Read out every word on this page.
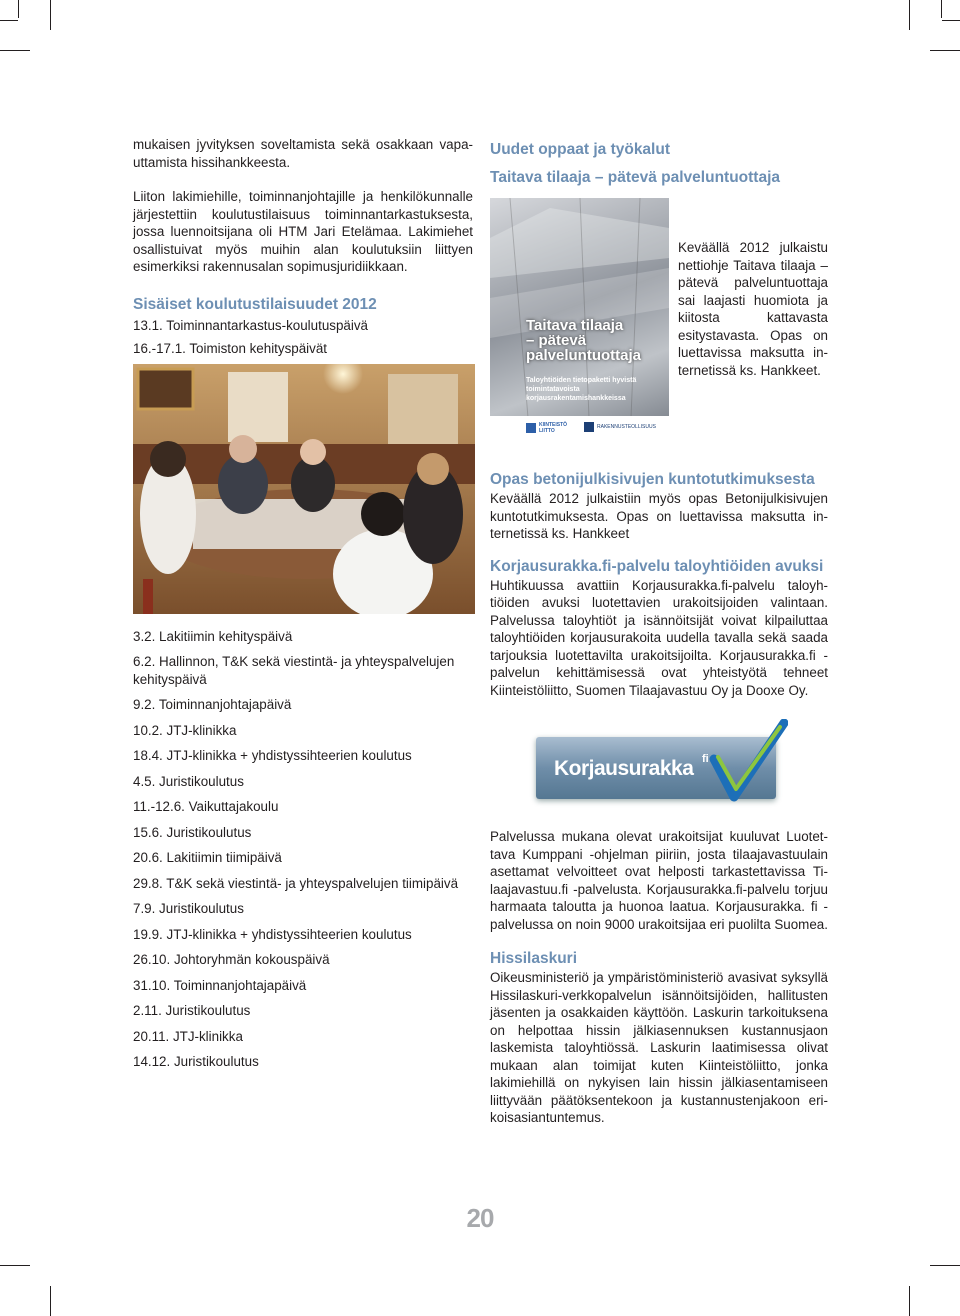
mukaisen jyvityksen soveltamista sekä osakkaan vapauttamista hissihankkeesta.

Liiton lakimiehille, toiminnanjohtajille ja henkilökunnalle järjestettiin koulutustilaisuus toiminnantarkastuksesta, jossa luennoitsijana oli HTM Jari Etelämaa. Lakimiehet osallistuivat myös muihin alan koulutuksiin liittyen esimerkiksi rakennusalan sopimusjuridiikkaan.

Sisäiset koulutustilaisuudet 2012
13.1. Toiminnantarkastus-koulutuspäivä
16.-17.1. Toimiston kehityspäivät
3.2. Lakitiimin kehityspäivä
6.2. Hallinnon, T&K sekä viestintä- ja yhteyspalvelujen kehityspäivä
9.2. Toiminnanjohtajapäivä
10.2. JTJ-klinikka
18.4. JTJ-klinikka + yhdistyssihteerien koulutus
4.5. Juristikoulutus
11.-12.6. Vaikuttajakoulu
15.6. Juristikoulutus
20.6. Lakitiimin tiimipäivä
29.8. T&K sekä viestintä- ja yhteyspalvelujen tiimipäivä
7.9. Juristikoulutus
19.9. JTJ-klinikka + yhdistyssihteerien koulutus
26.10. Johtoryhmän kokouspäivä
31.10. Toiminnanjohtajapäivä
2.11. Juristikoulutus
20.11. JTJ-klinikka
14.12. Juristikoulutus
Uudet oppaat ja työkalut
Taitava tilaaja – pätevä palveluntuottaja
Taitava tilaaja
– pätevä
palveluntuottaja
Taloyhtiöiden tietopaketti hyvistä
toimintatavoista
korjausrakentamishankkeissa
KIINTEISTÖ LIITTO
RAKENNUSTEOLLISUUS

Keväällä 2012 julkaistu nettiohje Taitava tilaaja – pätevä palveluntuottaja sai laajasti huomiota ja kiitosta kattavasta esitystavasta. Opas on luettavissa maksutta internetissä ks. Hankkeet.

Opas betonijulkisivujen kuntotutkimuksesta

Keväällä 2012 julkaistiin myös opas Betonijulkisivujen kuntotutkimuksesta. Opas on luettavissa maksutta internetissä ks. Hankkeet

Korjausurakka.fi-palvelu taloyhtiöiden avuksi

Huhtikuussa avattiin Korjausurakka.fi-palvelu taloyhtiöiden avuksi luotettavien urakoitsijoiden valintaan. Palvelussa taloyhtiöt ja isännöitsijät voivat kilpailuttaa taloyhtiöiden korjausurakoita uudella tavalla sekä saada tarjouksia luotettavilta urakoitsijoilta. Korjausurakka.fi -palvelun kehittämisessä ovat yhteistyötä tehneet Kiinteistöliitto, Suomen Tilaajavastuu Oy ja Dooxe Oy.

Korjausurakka fi

Palvelussa mukana olevat urakoitsijat kuuluvat Luotettava Kumppani -ohjelman piiriin, josta tilaajavastuulain asettamat velvoitteet ovat helposti tarkastettavissa Tilaajavastuu.fi -palvelusta. Korjausurakka.fi-palvelu torjuu harmaata taloutta ja huonoa laatua. Korjausurakka. fi -palvelussa on noin 9000 urakoitsijaa eri puolilta Suomea.

Hissilaskuri

Oikeusministeriö ja ympäristöministeriö avasivat syksyllä Hissilaskuri-verkkopalvelun isännöitsijöiden, hallitusten jäsenten ja osakkaiden käyttöön. Laskurin tarkoituksena on helpottaa hissin jälkiasennuksen kustannusjaon laskemista taloyhtiössä. Laskurin laatimisessa olivat mukaan alan toimijat kuten Kiinteistöliitto, jonka lakimiehillä on nykyisen lain hissin jälkiasentamiseen liittyvään päätöksentekoon ja kustannustenjakoon erikoisasiantuntemus.

20
